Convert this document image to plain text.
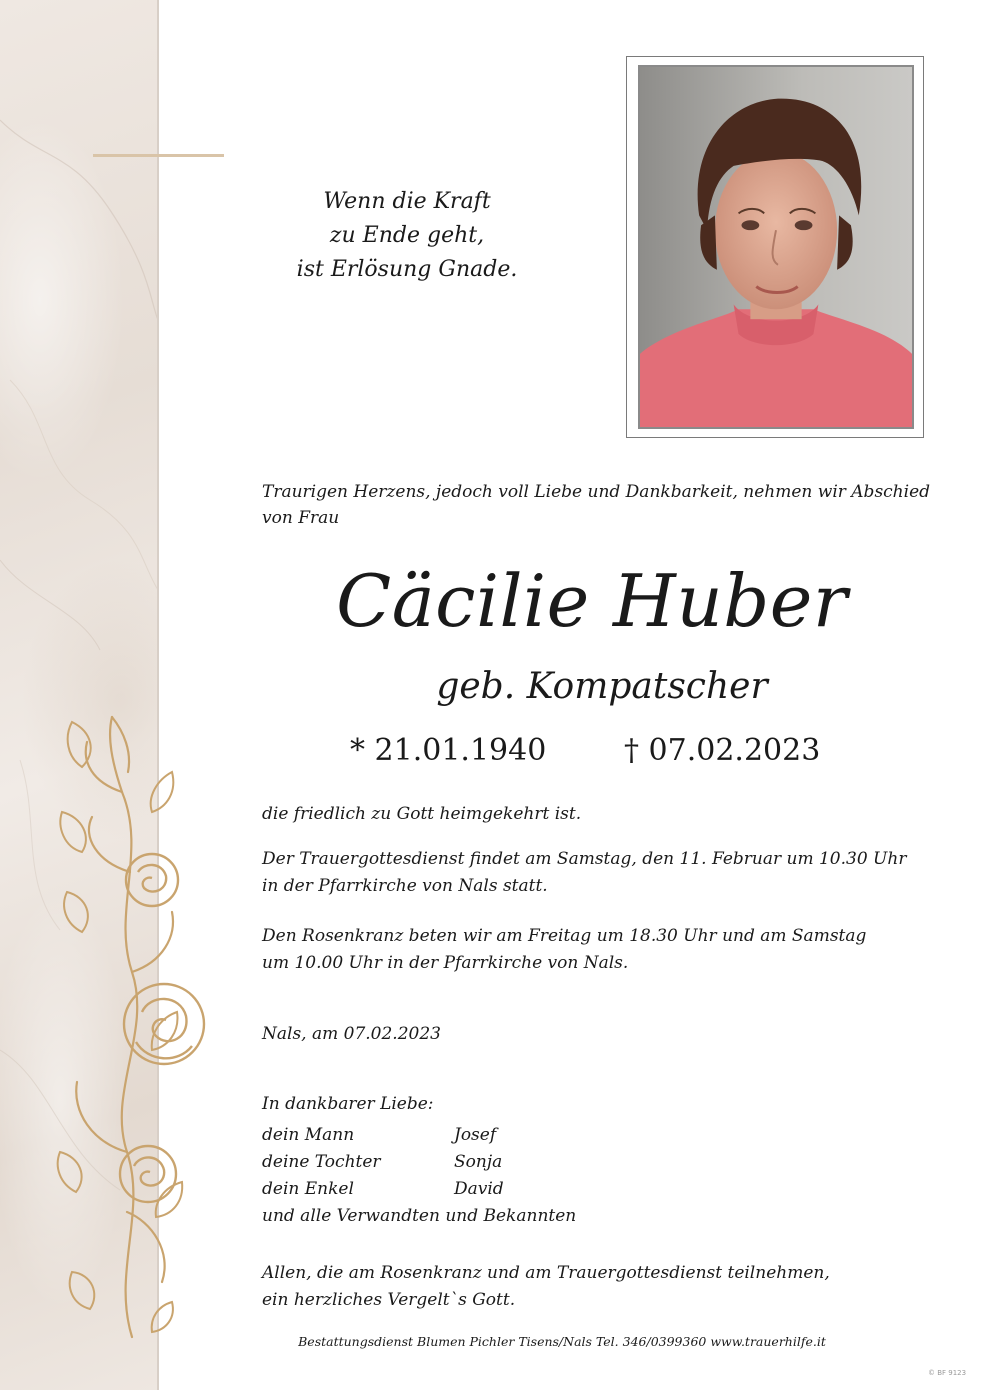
Wenn die Kraft
zu Ende geht,
ist Erlösung Gnade.
Traurigen Herzens, jedoch voll Liebe und Dankbarkeit, nehmen wir Abschied von Frau
Cäcilie Huber
geb. Kompatscher
* 21.01.1940	† 07.02.2023
die friedlich zu Gott heimgekehrt ist.
Der Trauergottesdienst findet am Samstag, den 11. Februar um 10.30 Uhr
in der Pfarrkirche von Nals statt.
Den Rosenkranz beten wir am Freitag um 18.30 Uhr und am Samstag
um 10.00 Uhr in der Pfarrkirche von Nals.
Nals, am 07.02.2023
In dankbarer Liebe:
dein Mann	Josef
deine Tochter	Sonja
dein Enkel	David
und alle Verwandten und Bekannten
Allen, die am Rosenkranz und am Trauergottesdienst teilnehmen,
ein herzliches Vergelt`s Gott.
Bestattungsdienst Blumen Pichler Tisens/Nals Tel. 346/0399360 www.trauerhilfe.it
© BF 9123
